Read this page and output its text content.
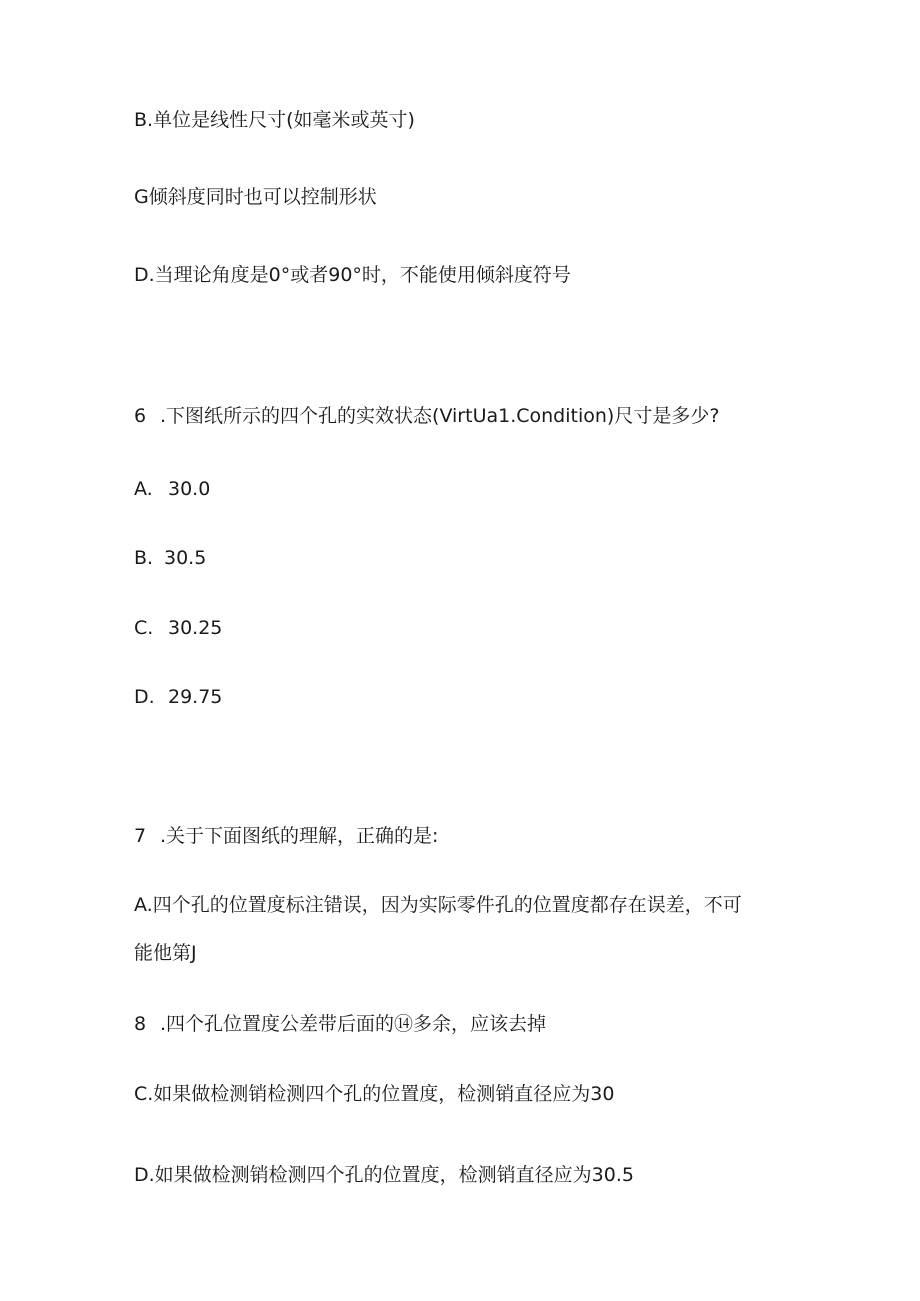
B.单位是线性尺寸(如毫米或英寸)
G倾斜度同时也可以控制形状
D.当理论角度是0°或者90°时，不能使用倾斜度符号
6 .下图纸所示的四个孔的实效状态(VirtUa1.Condition)尺寸是多少?
A. 30.0
B. 30.5
C. 30.25
D. 29.75
7 .关于下面图纸的理解，正确的是:
A.四个孔的位置度标注错误，因为实际零件孔的位置度都存在误差，不可
能他第J
8 .四个孔位置度公差带后面的⑭多余，应该去掉
C.如果做检测销检测四个孔的位置度，检测销直径应为30
D.如果做检测销检测四个孔的位置度，检测销直径应为30.5
